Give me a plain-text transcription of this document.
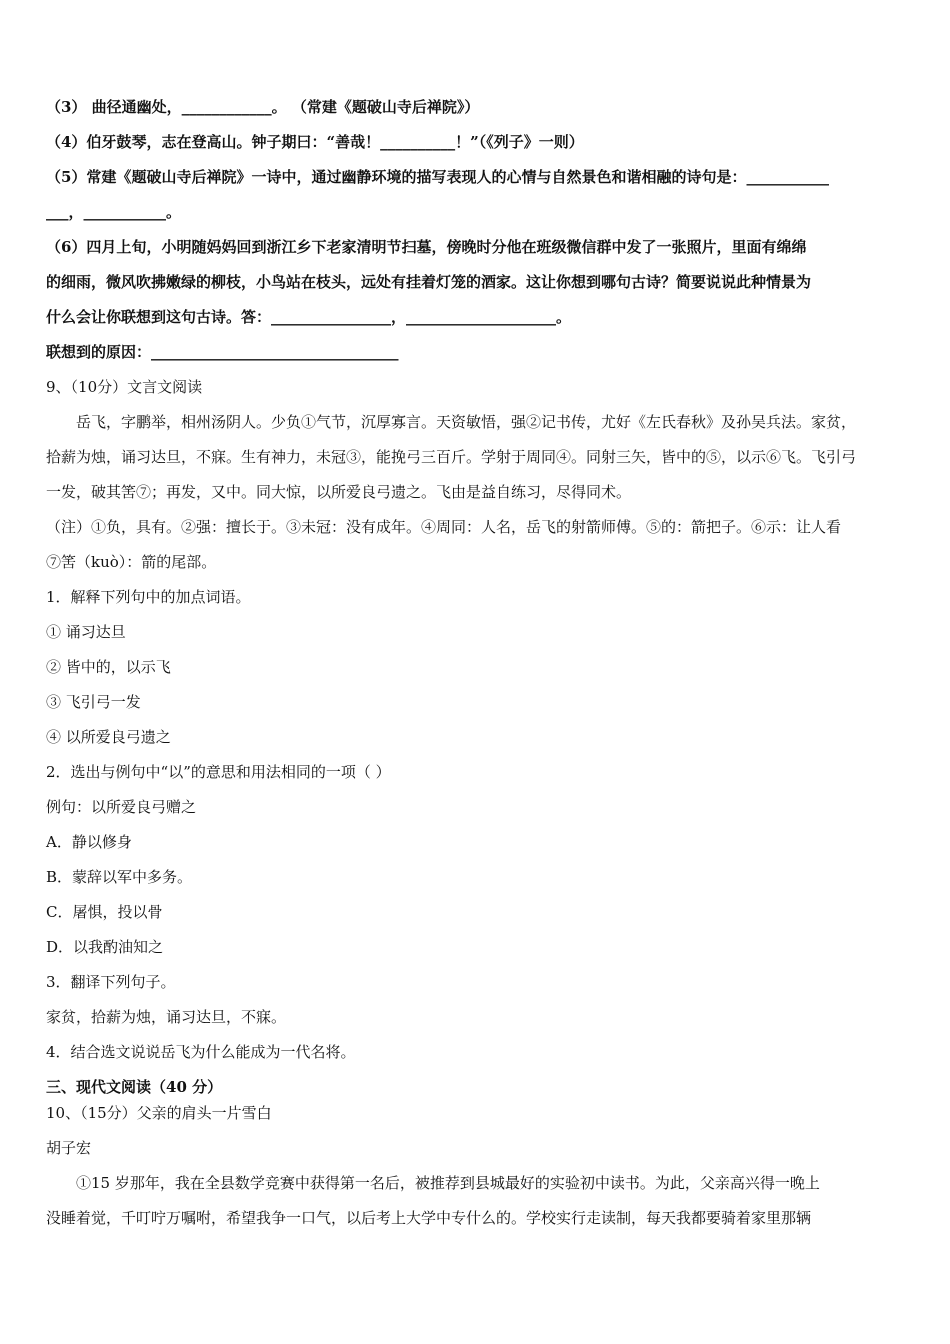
（3） 曲径通幽处，____________。 （常建《题破山寺后禅院》）

（4）伯牙鼓琴，志在登高山。钟子期曰：“善哉！__________！”（《列子》一则）

（5）常建《题破山寺后禅院》一诗中，通过幽静环境的描写表现人的心情与自然景色和谐相融的诗句是：___________

___，___________。

（6）四月上旬，小明随妈妈回到浙江乡下老家清明节扫墓，傍晚时分他在班级微信群中发了一张照片，里面有绵绵

的细雨，微风吹拂嫩绿的柳枝，小鸟站在枝头，远处有挂着灯笼的酒家。这让你想到哪句古诗？简要说说此种情景为

什么会让你联想到这句古诗。答：________________，____________________。

联想到的原因：_________________________________

9、（10分）文言文阅读

岳飞，字鹏举，相州汤阴人。少负①气节，沉厚寡言。天资敏悟，强②记书传，尤好《左氏春秋》及孙吴兵法。家贫，

拾薪为烛，诵习达旦，不寐。生有神力，未冠③，能挽弓三百斤。学射于周同④。同射三矢，皆中的⑤，以示⑥飞。飞引弓

一发，破其筈⑦；再发，又中。同大惊，以所爱良弓遗之。飞由是益自练习，尽得同术。

（注）①负，具有。②强：擅长于。③未冠：没有成年。④周同：人名，岳飞的射箭师傅。⑤的：箭把子。⑥示：让人看

⑦筈（kuò）：箭的尾部。

1．解释下列句中的加点词语。

① 诵习达旦

② 皆中的，以示飞

③ 飞引弓一发

④ 以所爱良弓遗之

2．选出与例句中“以”的意思和用法相同的一项（ ）

例句：以所爱良弓赠之

A．静以修身

B．蒙辞以军中多务。

C．屠惧，投以骨

D．以我酌油知之

3．翻译下列句子。

家贫，拾薪为烛，诵习达旦，不寐。

4．结合选文说说岳飞为什么能成为一代名将。

三、现代文阅读（40 分）

10、（15分）父亲的肩头一片雪白

胡子宏

①15 岁那年，我在全县数学竞赛中获得第一名后，被推荐到县城最好的实验初中读书。为此，父亲高兴得一晚上

没睡着觉，千叮咛万嘱咐，希望我争一口气，以后考上大学中专什么的。学校实行走读制，每天我都要骑着家里那辆
